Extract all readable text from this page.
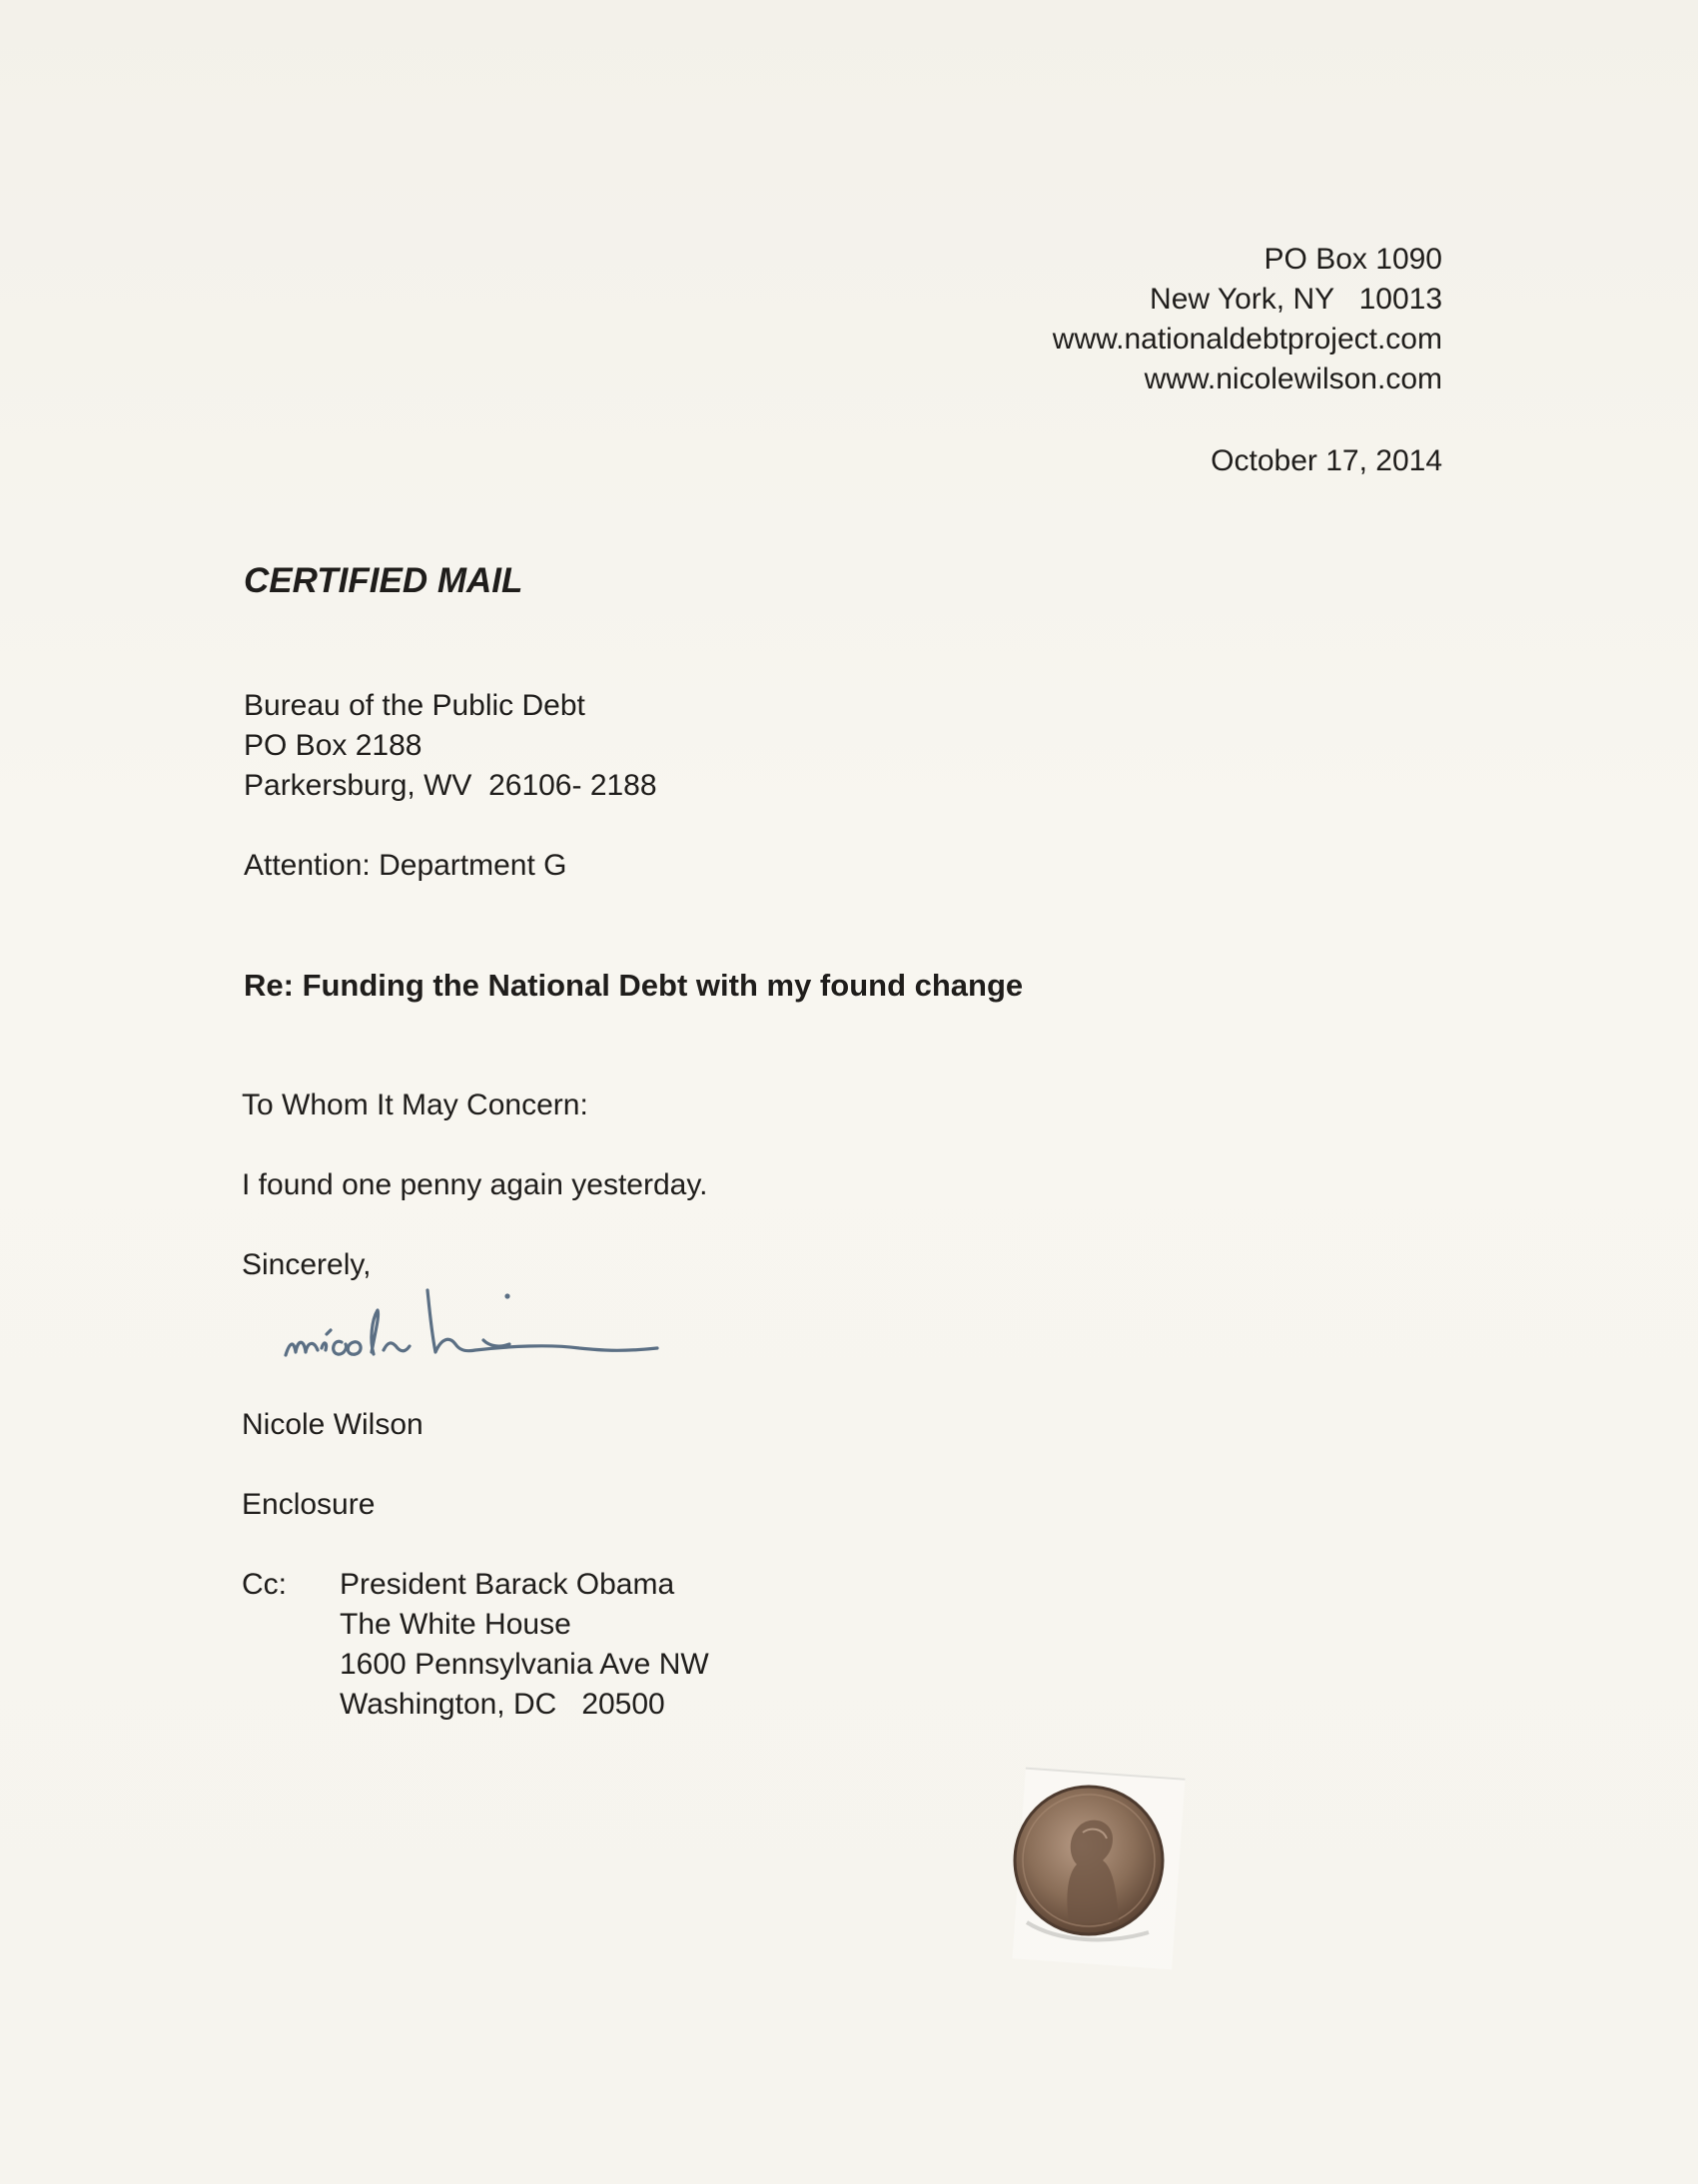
PO Box 1090
New York, NY   10013
www.nationaldebtproject.com
www.nicolewilson.com
October 17, 2014
CERTIFIED MAIL
Bureau of the Public Debt
PO Box 2188
Parkersburg, WV  26106- 2188
Attention: Department G
Re: Funding the National Debt with my found change
To Whom It May Concern:
I found one penny again yesterday.
Sincerely,
Nicole Wilson
Enclosure
Cc: President Barack Obama
The White House
1600 Pennsylvania Ave NW
Washington, DC   20500
